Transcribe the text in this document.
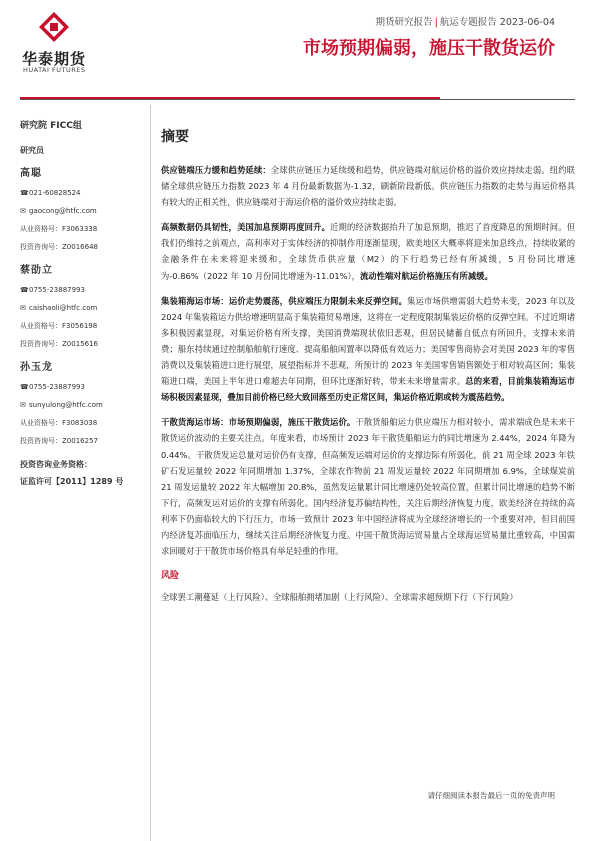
华泰期货
HUATAI FUTURES
期货研究报告 | 航运专题报告 2023-06-04
市场预期偏弱，施压干散货运价
研究院 FICC组
研究员
高聪
☎021-60828524
✉ gaocong@htfc.com
从业资格号：F3063338
投资咨询号：Z0016648
蔡劭立
☎0755-23887993
✉ caishaoli@htfc.com
从业资格号：F3056198
投资咨询号：Z0015616
孙玉龙
☎0755-23887993
✉ sunyulong@htfc.com
从业资格号：F3083038
投资咨询号：Z0016257
投资咨询业务资格：
证监许可【2011】1289 号
摘要

供应链端压力缓和趋势延续：全球供应链压力延续缓和趋势，供应链端对航运价格的溢价效应持续走弱。纽约联储全球供应链压力指数 2023 年 4 月份最新数据为-1.32，刷新阶段新低。供应链压力指数的走势与海运价格具有较大的正相关性，供应链端对于海运价格的溢价效应持续走弱。

高频数据仍具韧性，美国加息预期再度回升。近期的经济数据抬升了加息预期，推迟了首度降息的预期时间。但我们仍维持之前观点，高利率对于实体经济的抑制作用逐渐显现，欧美地区大概率将迎来加息终点，持续收紧的金融条件在未来将迎来缓和，全球货币供应量（M2）的下行趋势已经有所减缓，5 月份同比增速为-0.86%（2022 年 10 月份同比增速为-11.01%），流动性端对航运价格施压有所减缓。

集装箱海运市场：运价走势震荡，供应端压力限制未来反弹空间。集运市场供增需弱大趋势未变，2023 年以及 2024 年集装箱运力供给增速明显高于集装箱贸易增速，这将在一定程度限制集装运价格的反弹空间。不过近期诸多积极因素显现，对集运价格有所支撑，美国消费端现状依旧悲观，但居民储蓄自低点有所回升，支撑未来消费；船东持续通过控制船舶航行速度、提高船舶闲置率以降低有效运力；美国零售商协会对美国 2023 年的零售消费以及集装箱进口进行展望，展望指标并不悲观，所预计的 2023 年美国零售销售额处于相对较高区间；集装箱进口端，美国上半年进口难超去年同期，但环比逐渐好转，带来未来增量需求。总的来看，目前集装箱海运市场积极因素显现，叠加目前价格已经大致回落至历史正常区间，集运价格近期或转为震荡趋势。

干散货海运市场：市场预期偏弱，施压干散货运价。干散货船舶运力供应端压力相对较小，需求端成色是未来干散货运价波动的主要关注点。年度来看，市场预计 2023 年干散货船舶运力的同比增速为 2.44%，2024 年降为 0.44%。干散货发运总量对运价仍有支撑，但高频发运端对运价的支撑边际有所弱化，前 21 周全球 2023 年铁矿石发运量较 2022 年同期增加 1.37%，全球农作物前 21 周发运量较 2022 年同期增加 6.9%，全球煤炭前 21 周发运量较 2022 年大幅增加 20.8%，虽然发运量累计同比增速仍处较高位置，但累计同比增速的趋势不断下行，高频发运对运价的支撑有所弱化。国内经济复苏偏结构性，关注后期经济恢复力度，欧美经济在持续的高利率下仍面临较大的下行压力，市场一致预计 2023 年中国经济将成为全球经济增长的一个重要对冲，但目前国内经济复苏面临压力，继续关注后期经济恢复力度。中国干散货海运贸易量占全球海运贸易量比重较高，中国需求回暖对于干散货市场价格具有举足轻重的作用。

风险
全球罢工潮蔓延（上行风险）、全球船舶拥堵加剧（上行风险）、全球需求超预期下行（下行风险）
请仔细阅读本报告最后一页的免责声明
